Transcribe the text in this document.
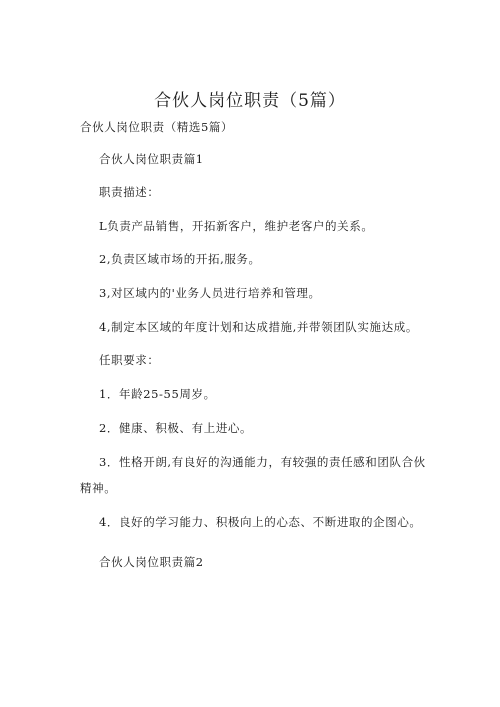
合伙人岗位职责（5篇）
合伙人岗位职责（精选5篇）
合伙人岗位职责篇1
职责描述：
L负责产品销售，开拓新客户，维护老客户的关系。
2,负责区域市场的开拓,服务。
3,对区域内的'业务人员进行培养和管理。
4,制定本区域的年度计划和达成措施,并带领团队实施达成。
任职要求：
1．年龄25-55周岁。
2．健康、积极、有上进心。
3．性格开朗,有良好的沟通能力，有较强的责任感和团队合伙
精神。
4．良好的学习能力、积极向上的心态、不断进取的企图心。
合伙人岗位职责篇2
